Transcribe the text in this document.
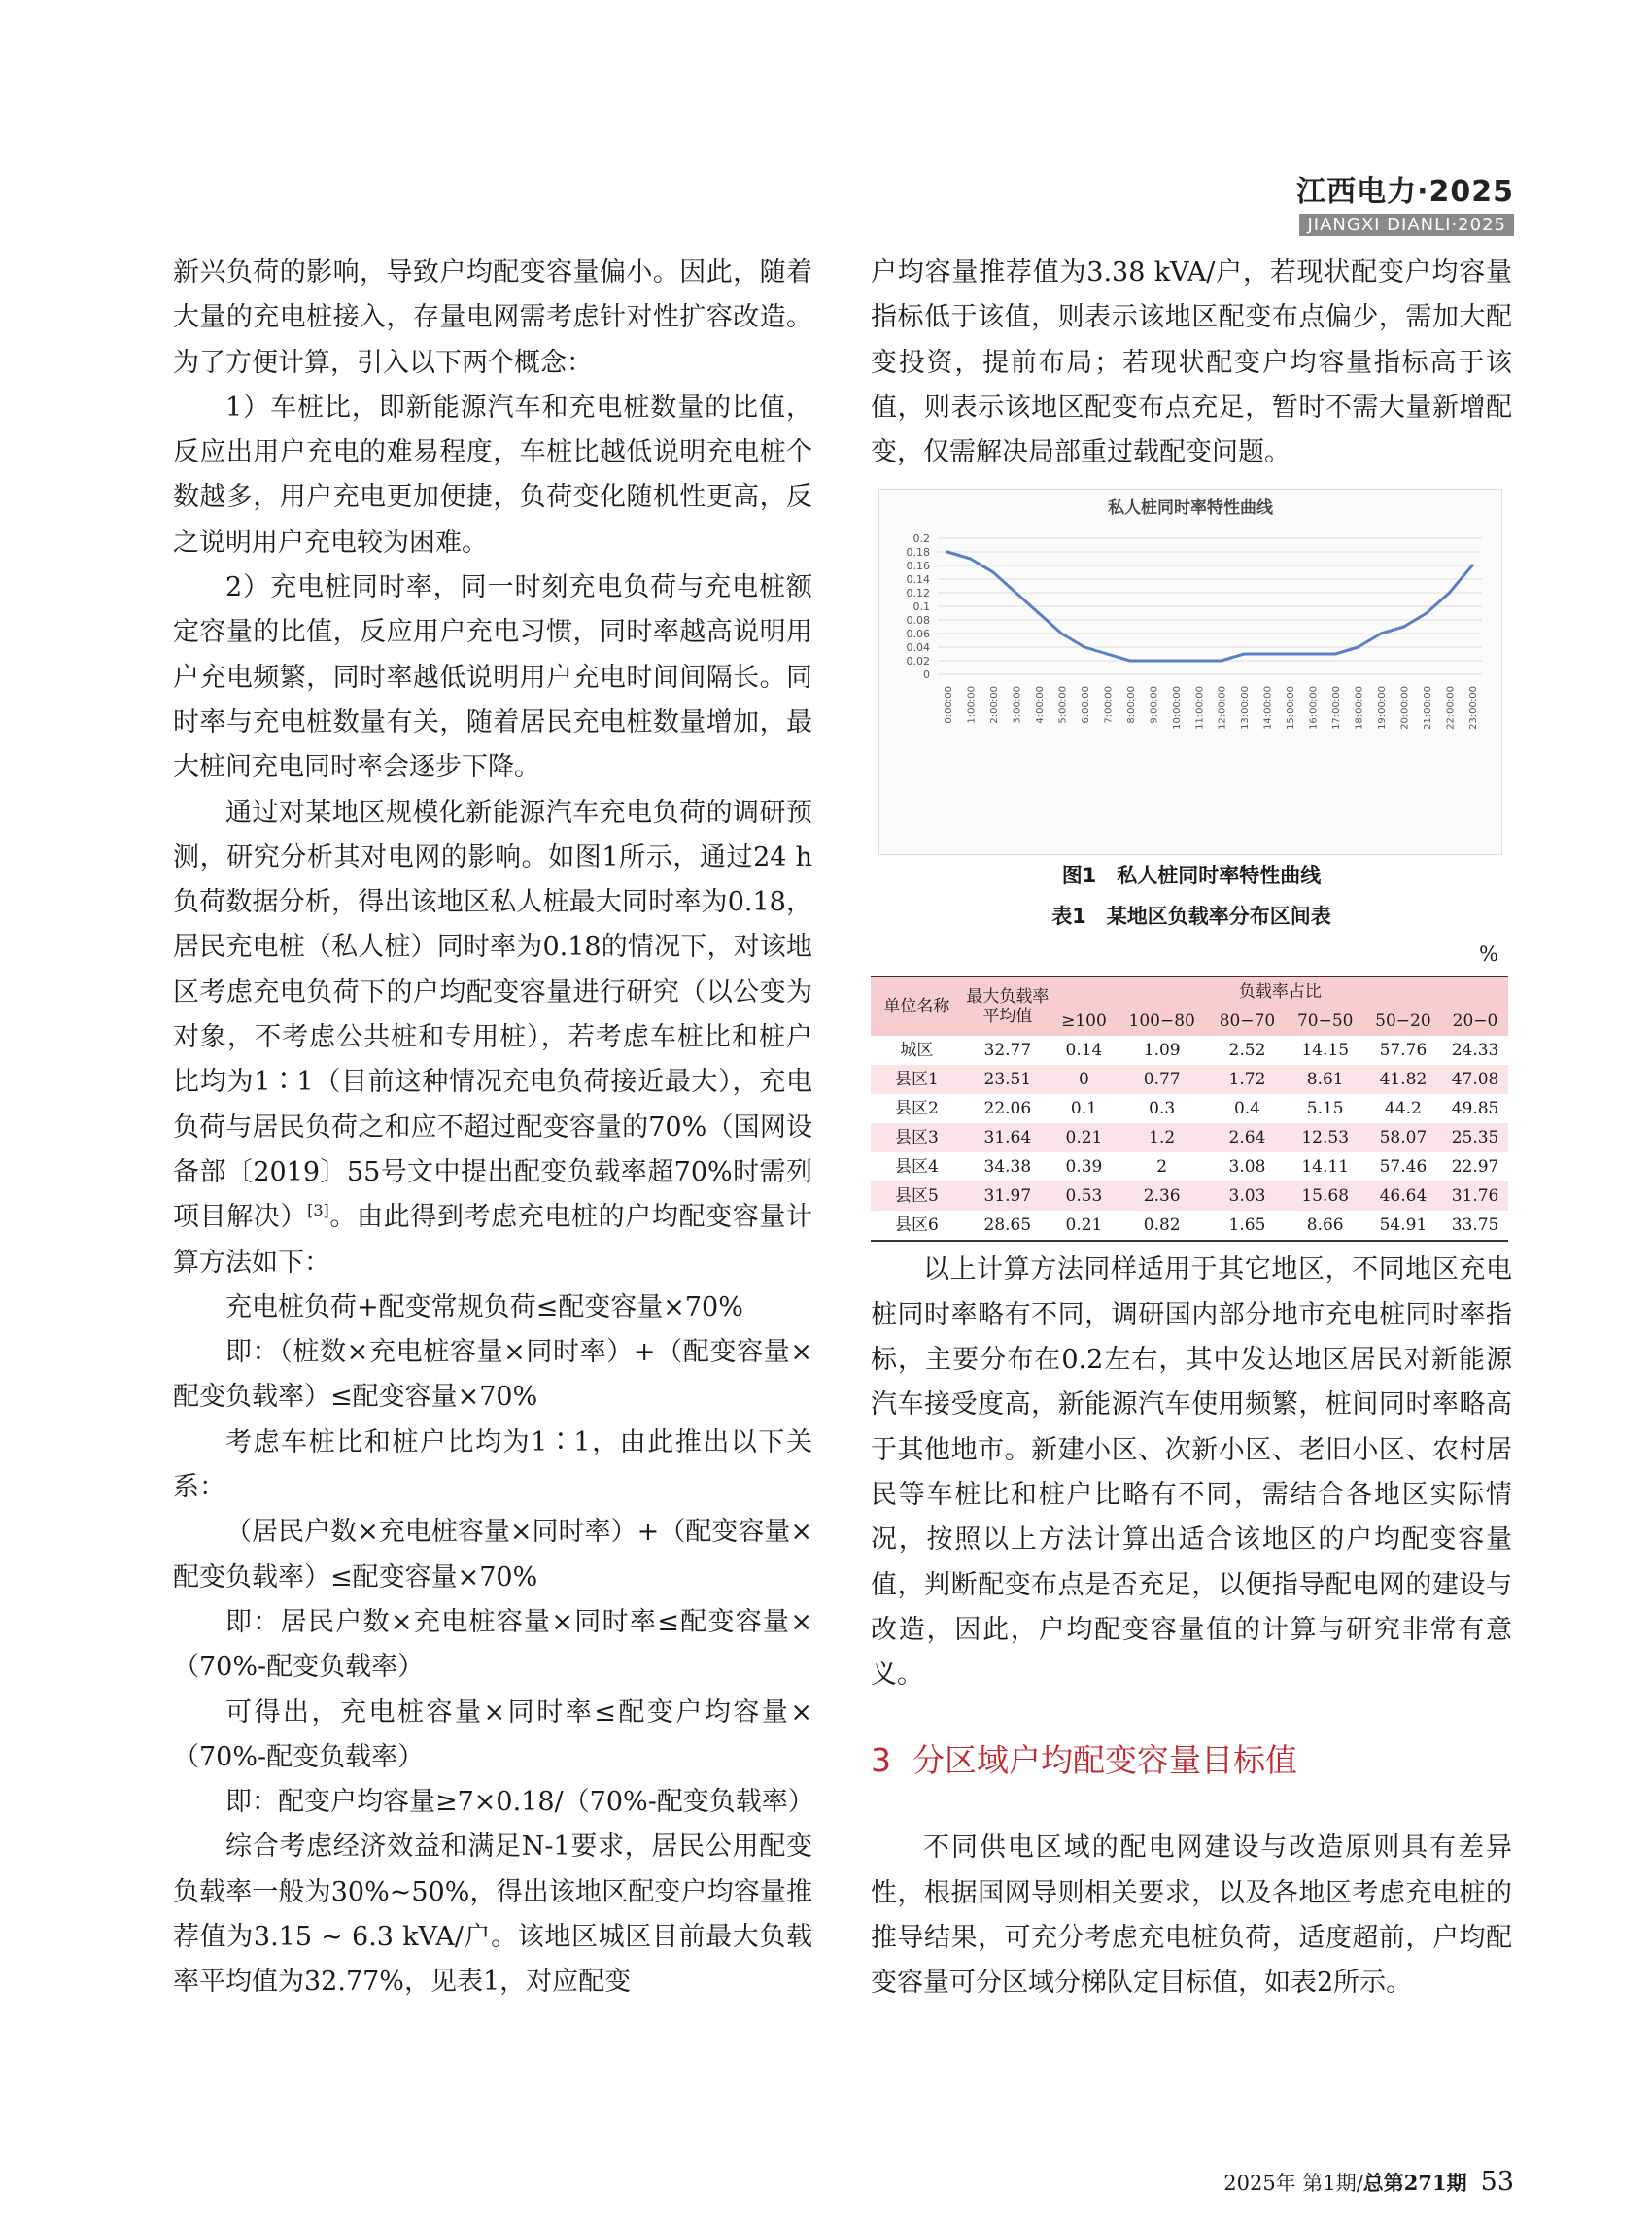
江西电力·2025
JIANGXI DIANLI·2025

新兴负荷的影响，导致户均配变容量偏小。因此，随着大量的充电桩接入，存量电网需考虑针对性扩容改造。为了方便计算，引入以下两个概念：

1）车桩比，即新能源汽车和充电桩数量的比值，反应出用户充电的难易程度，车桩比越低说明充电桩个数越多，用户充电更加便捷，负荷变化随机性更高，反之说明用户充电较为困难。

2）充电桩同时率，同一时刻充电负荷与充电桩额定容量的比值，反应用户充电习惯，同时率越高说明用户充电频繁，同时率越低说明用户充电时间间隔长。同时率与充电桩数量有关，随着居民充电桩数量增加，最大桩间充电同时率会逐步下降。

通过对某地区规模化新能源汽车充电负荷的调研预测，研究分析其对电网的影响。如图1所示，通过24 h负荷数据分析，得出该地区私人桩最大同时率为0.18，居民充电桩（私人桩）同时率为0.18的情况下，对该地区考虑充电负荷下的户均配变容量进行研究（以公变为对象，不考虑公共桩和专用桩），若考虑车桩比和桩户比均为1∶1（目前这种情况充电负荷接近最大），充电负荷与居民负荷之和应不超过配变容量的70%（国网设备部〔2019〕55号文中提出配变负载率超70%时需列项目解决）[3]。由此得到考虑充电桩的户均配变容量计算方法如下：

充电桩负荷+配变常规负荷≤配变容量×70%

即：（桩数×充电桩容量×同时率）+（配变容量×配变负载率）≤配变容量×70%

考虑车桩比和桩户比均为1∶1，由此推出以下关系：

（居民户数×充电桩容量×同时率）+（配变容量×配变负载率）≤配变容量×70%

即：居民户数×充电桩容量×同时率≤配变容量×（70%-配变负载率）

可得出，充电桩容量×同时率≤配变户均容量×（70%-配变负载率）

即：配变户均容量≥7×0.18/（70%-配变负载率）

综合考虑经济效益和满足N-1要求，居民公用配变负载率一般为30%~50%，得出该地区配变户均容量推荐值为3.15 ~ 6.3 kVA/户。该地区城区目前最大负载率平均值为32.77%，见表1，对应配变

户均容量推荐值为3.38 kVA/户，若现状配变户均容量指标低于该值，则表示该地区配变布点偏少，需加大配变投资，提前布局；若现状配变户均容量指标高于该值，则表示该地区配变布点充足，暂时不需大量新增配变，仅需解决局部重过载配变问题。

私人桩同时率特性曲线
0
0.02
0.04
0.06
0.08
0.1
0.12
0.14
0.16
0.18
0.2
0:00:00 1:00:00 2:00:00 3:00:00 4:00:00 5:00:00 6:00:00 7:00:00 8:00:00 9:00:00 10:00:00 11:00:00 12:00:00 13:00:00 14:00:00 15:00:00 16:00:00 17:00:00 18:00:00 19:00:00 20:00:00 21:00:00 22:00:00 23:00:00
图1　私人桩同时率特性曲线
表1　某地区负载率分布区间表
%
单位名称	最大负载率平均值	负载率占比					
		≥100	100−80	80−70	70−50	50−20	20−0
城区	32.77	0.14	1.09	2.52	14.15	57.76	24.33
县区1	23.51	0	0.77	1.72	8.61	41.82	47.08
县区2	22.06	0.1	0.3	0.4	5.15	44.2	49.85
县区3	31.64	0.21	1.2	2.64	12.53	58.07	25.35
县区4	34.38	0.39	2	3.08	14.11	57.46	22.97
县区5	31.97	0.53	2.36	3.03	15.68	46.64	31.76
县区6	28.65	0.21	0.82	1.65	8.66	54.91	33.75

以上计算方法同样适用于其它地区，不同地区充电桩同时率略有不同，调研国内部分地市充电桩同时率指标，主要分布在0.2左右，其中发达地区居民对新能源汽车接受度高，新能源汽车使用频繁，桩间同时率略高于其他地市。新建小区、次新小区、老旧小区、农村居民等车桩比和桩户比略有不同，需结合各地区实际情况，按照以上方法计算出适合该地区的户均配变容量值，判断配变布点是否充足，以便指导配电网的建设与改造，因此，户均配变容量值的计算与研究非常有意义。

3 分区域户均配变容量目标值

不同供电区域的配电网建设与改造原则具有差异性，根据国网导则相关要求，以及各地区考虑充电桩的推导结果，可充分考虑充电桩负荷，适度超前，户均配变容量可分区域分梯队定目标值，如表2所示。

2025年 第1期/总第271期 53
